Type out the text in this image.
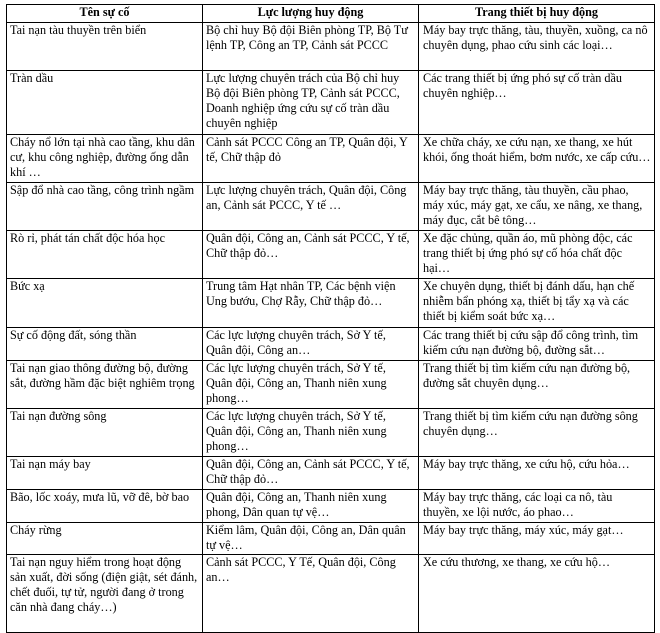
Tên sự cố	Lực lượng huy động	Trang thiết bị huy động
Tai nạn tàu thuyền trên biển	Bộ chỉ huy Bộ đội Biên phòng TP, Bộ Tư lệnh TP, Công an TP, Cảnh sát PCCC	Máy bay trực thăng, tàu, thuyền, xuồng, ca nô chuyên dụng, phao cứu sinh các loại…
Tràn dầu	Lực lượng chuyên trách của Bộ chỉ huy Bộ đội Biên phòng TP, Cảnh sát PCCC, Doanh nghiệp ứng cứu sự cố tràn dầu chuyên nghiệp	Các trang thiết bị ứng phó sự cố tràn dầu chuyên nghiệp…
Cháy nổ lớn tại nhà cao tầng, khu dân cư, khu công nghiệp, đường ống dẫn khí …	Cảnh sát PCCC Công an TP, Quân đội, Y tế, Chữ thập đỏ	Xe chữa cháy, xe cứu nạn, xe thang, xe hút khói, ống thoát hiểm, bơm nước, xe cấp cứu…
Sập đổ nhà cao tầng, công trình ngầm	Lực lượng chuyên trách, Quân đội, Công an, Cảnh sát PCCC, Y tế …	Máy bay trực thăng, tàu thuyền, cầu phao, máy xúc, máy gạt, xe cẩu, xe nâng, xe thang, máy đục, cắt bê tông…
Rò rỉ, phát tán chất độc hóa học	Quân đội, Công an, Cảnh sát PCCC, Y tế, Chữ thập đỏ…	Xe đặc chủng, quần áo, mũ phòng độc, các trang thiết bị ứng phó sự cố hóa chất độc hại…
Bức xạ	Trung tâm Hạt nhân TP, Các bệnh viện Ung bướu, Chợ Rẫy, Chữ thập đỏ…	Xe chuyên dụng, thiết bị đánh dấu, hạn chế nhiễm bẩn phóng xạ, thiết bị tẩy xạ và các thiết bị kiểm soát bức xạ…
Sự cố động đất, sóng thần	Các lực lượng chuyên trách, Sở Y tế, Quân đội, Công an…	Các trang thiết bị cứu sập đổ công trình, tìm kiếm cứu nạn đường bộ, đường sắt…
Tai nạn giao thông đường bộ, đường sắt, đường hầm đặc biệt nghiêm trọng	Các lực lượng chuyên trách, Sở Y tế, Quân đội, Công an, Thanh niên xung phong…	Trang thiết bị tìm kiếm cứu nạn đường bộ, đường sắt chuyên dụng…
Tai nạn đường sông	Các lực lượng chuyên trách, Sở Y tế, Quân đội, Công an, Thanh niên xung phong…	Trang thiết bị tìm kiếm cứu nạn đường sông chuyên dụng…
Tai nạn máy bay	Quân đội, Công an, Cảnh sát PCCC, Y tế, Chữ thập đỏ…	Máy bay trực thăng, xe cứu hộ, cứu hỏa…
Bão, lốc xoáy, mưa lũ, vỡ đê, bờ bao	Quân đội, Công an, Thanh niên xung phong, Dân quan tự vệ…	Máy bay trực thăng, các loại ca nô, tàu thuyền, xe lội nước, áo phao…
Cháy rừng	Kiểm lâm, Quân đội, Công an, Dân quân tự vệ…	Máy bay trực thăng, máy xúc, máy gạt…
Tai nạn nguy hiểm trong hoạt động sản xuất, đời sống (điện giật, sét đánh, chết đuối, tự tử, người đang ở trong căn nhà đang cháy…)	Cảnh sát PCCC, Y Tế, Quân đội, Công an…	Xe cứu thương, xe thang, xe cứu hộ…
